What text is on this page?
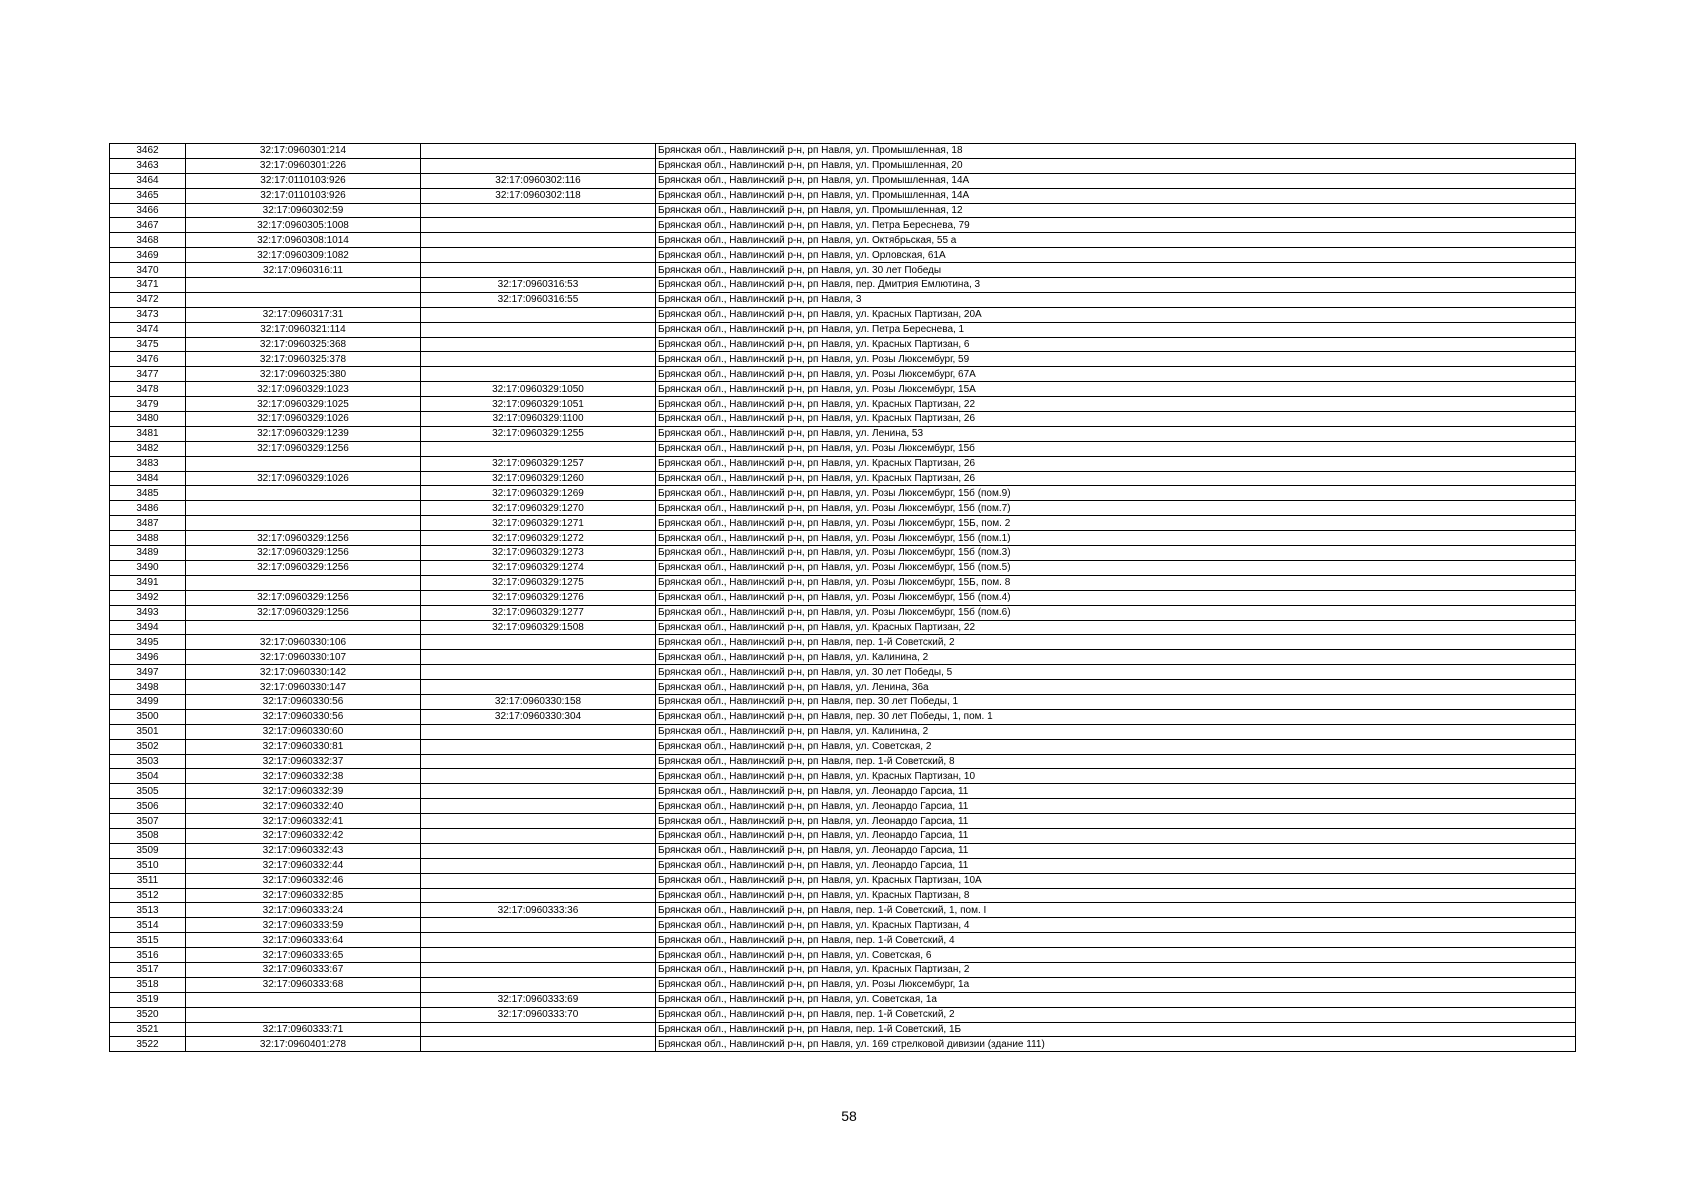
3462	32:17:0960301:214		Брянская обл., Навлинский р-н, рп Навля, ул. Промышленная, 18
3463	32:17:0960301:226		Брянская обл., Навлинский р-н, рп Навля, ул. Промышленная, 20
3464	32:17:0110103:926	32:17:0960302:116	Брянская обл., Навлинский р-н, рп Навля, ул. Промышленная, 14А
3465	32:17:0110103:926	32:17:0960302:118	Брянская обл., Навлинский р-н, рп Навля, ул. Промышленная, 14А
3466	32:17:0960302:59		Брянская обл., Навлинский р-н, рп Навля, ул. Промышленная, 12
3467	32:17:0960305:1008		Брянская обл., Навлинский р-н, рп Навля, ул. Петра Береснева, 79
3468	32:17:0960308:1014		Брянская обл., Навлинский р-н, рп Навля, ул. Октябрьская, 55 а
3469	32:17:0960309:1082		Брянская обл., Навлинский р-н, рп Навля, ул. Орловская, 61А
3470	32:17:0960316:11		Брянская обл., Навлинский р-н, рп Навля, ул. 30 лет Победы
3471		32:17:0960316:53	Брянская обл., Навлинский р-н, рп Навля, пер. Дмитрия Емлютина, 3
3472		32:17:0960316:55	Брянская обл., Навлинский р-н, рп Навля, 3
3473	32:17:0960317:31		Брянская обл., Навлинский р-н, рп Навля, ул. Красных Партизан, 20А
3474	32:17:0960321:114		Брянская обл., Навлинский р-н, рп Навля, ул. Петра Береснева, 1
3475	32:17:0960325:368		Брянская обл., Навлинский р-н, рп Навля, ул. Красных Партизан, 6
3476	32:17:0960325:378		Брянская обл., Навлинский р-н, рп Навля, ул. Розы Люксембург, 59
3477	32:17:0960325:380		Брянская обл., Навлинский р-н, рп Навля, ул. Розы Люксембург, 67А
3478	32:17:0960329:1023	32:17:0960329:1050	Брянская обл., Навлинский р-н, рп Навля, ул. Розы Люксембург, 15А
3479	32:17:0960329:1025	32:17:0960329:1051	Брянская обл., Навлинский р-н, рп Навля, ул. Красных Партизан, 22
3480	32:17:0960329:1026	32:17:0960329:1100	Брянская обл., Навлинский р-н, рп Навля, ул. Красных Партизан, 26
3481	32:17:0960329:1239	32:17:0960329:1255	Брянская обл., Навлинский р-н, рп Навля, ул. Ленина, 53
3482	32:17:0960329:1256		Брянская обл., Навлинский р-н, рп Навля, ул. Розы Люксембург, 15б
3483		32:17:0960329:1257	Брянская обл., Навлинский р-н, рп Навля, ул. Красных Партизан, 26
3484	32:17:0960329:1026	32:17:0960329:1260	Брянская обл., Навлинский р-н, рп Навля, ул. Красных Партизан, 26
3485		32:17:0960329:1269	Брянская обл., Навлинский р-н, рп Навля, ул. Розы Люксембург, 15б (пом.9)
3486		32:17:0960329:1270	Брянская обл., Навлинский р-н, рп Навля, ул. Розы Люксембург, 15б (пом.7)
3487		32:17:0960329:1271	Брянская обл., Навлинский р-н, рп Навля, ул. Розы Люксембург, 15Б, пом. 2
3488	32:17:0960329:1256	32:17:0960329:1272	Брянская обл., Навлинский р-н, рп Навля, ул. Розы Люксембург, 15б (пом.1)
3489	32:17:0960329:1256	32:17:0960329:1273	Брянская обл., Навлинский р-н, рп Навля, ул. Розы Люксембург, 15б (пом.3)
3490	32:17:0960329:1256	32:17:0960329:1274	Брянская обл., Навлинский р-н, рп Навля, ул. Розы Люксембург, 15б (пом.5)
3491		32:17:0960329:1275	Брянская обл., Навлинский р-н, рп Навля, ул. Розы Люксембург, 15Б, пом. 8
3492	32:17:0960329:1256	32:17:0960329:1276	Брянская обл., Навлинский р-н, рп Навля, ул. Розы Люксембург, 15б (пом.4)
3493	32:17:0960329:1256	32:17:0960329:1277	Брянская обл., Навлинский р-н, рп Навля, ул. Розы Люксембург, 15б (пом.6)
3494		32:17:0960329:1508	Брянская обл., Навлинский р-н, рп Навля, ул. Красных Партизан, 22
3495	32:17:0960330:106		Брянская обл., Навлинский р-н, рп Навля, пер. 1-й Советский, 2
3496	32:17:0960330:107		Брянская обл., Навлинский р-н, рп Навля, ул. Калинина, 2
3497	32:17:0960330:142		Брянская обл., Навлинский р-н, рп Навля, ул. 30 лет Победы, 5
3498	32:17:0960330:147		Брянская обл., Навлинский р-н, рп Навля, ул. Ленина, 36а
3499	32:17:0960330:56	32:17:0960330:158	Брянская обл., Навлинский р-н, рп Навля, пер. 30 лет Победы, 1
3500	32:17:0960330:56	32:17:0960330:304	Брянская обл., Навлинский р-н, рп Навля, пер. 30 лет Победы, 1, пом. 1
3501	32:17:0960330:60		Брянская обл., Навлинский р-н, рп Навля, ул. Калинина, 2
3502	32:17:0960330:81		Брянская обл., Навлинский р-н, рп Навля, ул. Советская, 2
3503	32:17:0960332:37		Брянская обл., Навлинский р-н, рп Навля, пер. 1-й Советский, 8
3504	32:17:0960332:38		Брянская обл., Навлинский р-н, рп Навля, ул. Красных Партизан, 10
3505	32:17:0960332:39		Брянская обл., Навлинский р-н, рп Навля, ул. Леонардо Гарсиа, 11
3506	32:17:0960332:40		Брянская обл., Навлинский р-н, рп Навля, ул. Леонардо Гарсиа, 11
3507	32:17:0960332:41		Брянская обл., Навлинский р-н, рп Навля, ул. Леонардо Гарсиа, 11
3508	32:17:0960332:42		Брянская обл., Навлинский р-н, рп Навля, ул. Леонардо Гарсиа, 11
3509	32:17:0960332:43		Брянская обл., Навлинский р-н, рп Навля, ул. Леонардо Гарсиа, 11
3510	32:17:0960332:44		Брянская обл., Навлинский р-н, рп Навля, ул. Леонардо Гарсиа, 11
3511	32:17:0960332:46		Брянская обл., Навлинский р-н, рп Навля, ул. Красных Партизан, 10А
3512	32:17:0960332:85		Брянская обл., Навлинский р-н, рп Навля, ул. Красных Партизан, 8
3513	32:17:0960333:24	32:17:0960333:36	Брянская обл., Навлинский р-н, рп Навля, пер. 1-й Советский, 1, пом. I
3514	32:17:0960333:59		Брянская обл., Навлинский р-н, рп Навля, ул. Красных Партизан, 4
3515	32:17:0960333:64		Брянская обл., Навлинский р-н, рп Навля, пер. 1-й Советский, 4
3516	32:17:0960333:65		Брянская обл., Навлинский р-н, рп Навля, ул. Советская, 6
3517	32:17:0960333:67		Брянская обл., Навлинский р-н, рп Навля, ул. Красных Партизан, 2
3518	32:17:0960333:68		Брянская обл., Навлинский р-н, рп Навля, ул. Розы Люксембург, 1а
3519		32:17:0960333:69	Брянская обл., Навлинский р-н, рп Навля, ул. Советская, 1а
3520		32:17:0960333:70	Брянская обл., Навлинский р-н, рп Навля, пер. 1-й Советский, 2
3521	32:17:0960333:71		Брянская обл., Навлинский р-н, рп Навля, пер. 1-й Советский, 1Б
3522	32:17:0960401:278		Брянская обл., Навлинский р-н, рп Навля, ул. 169 стрелковой дивизии (здание 111)
58
